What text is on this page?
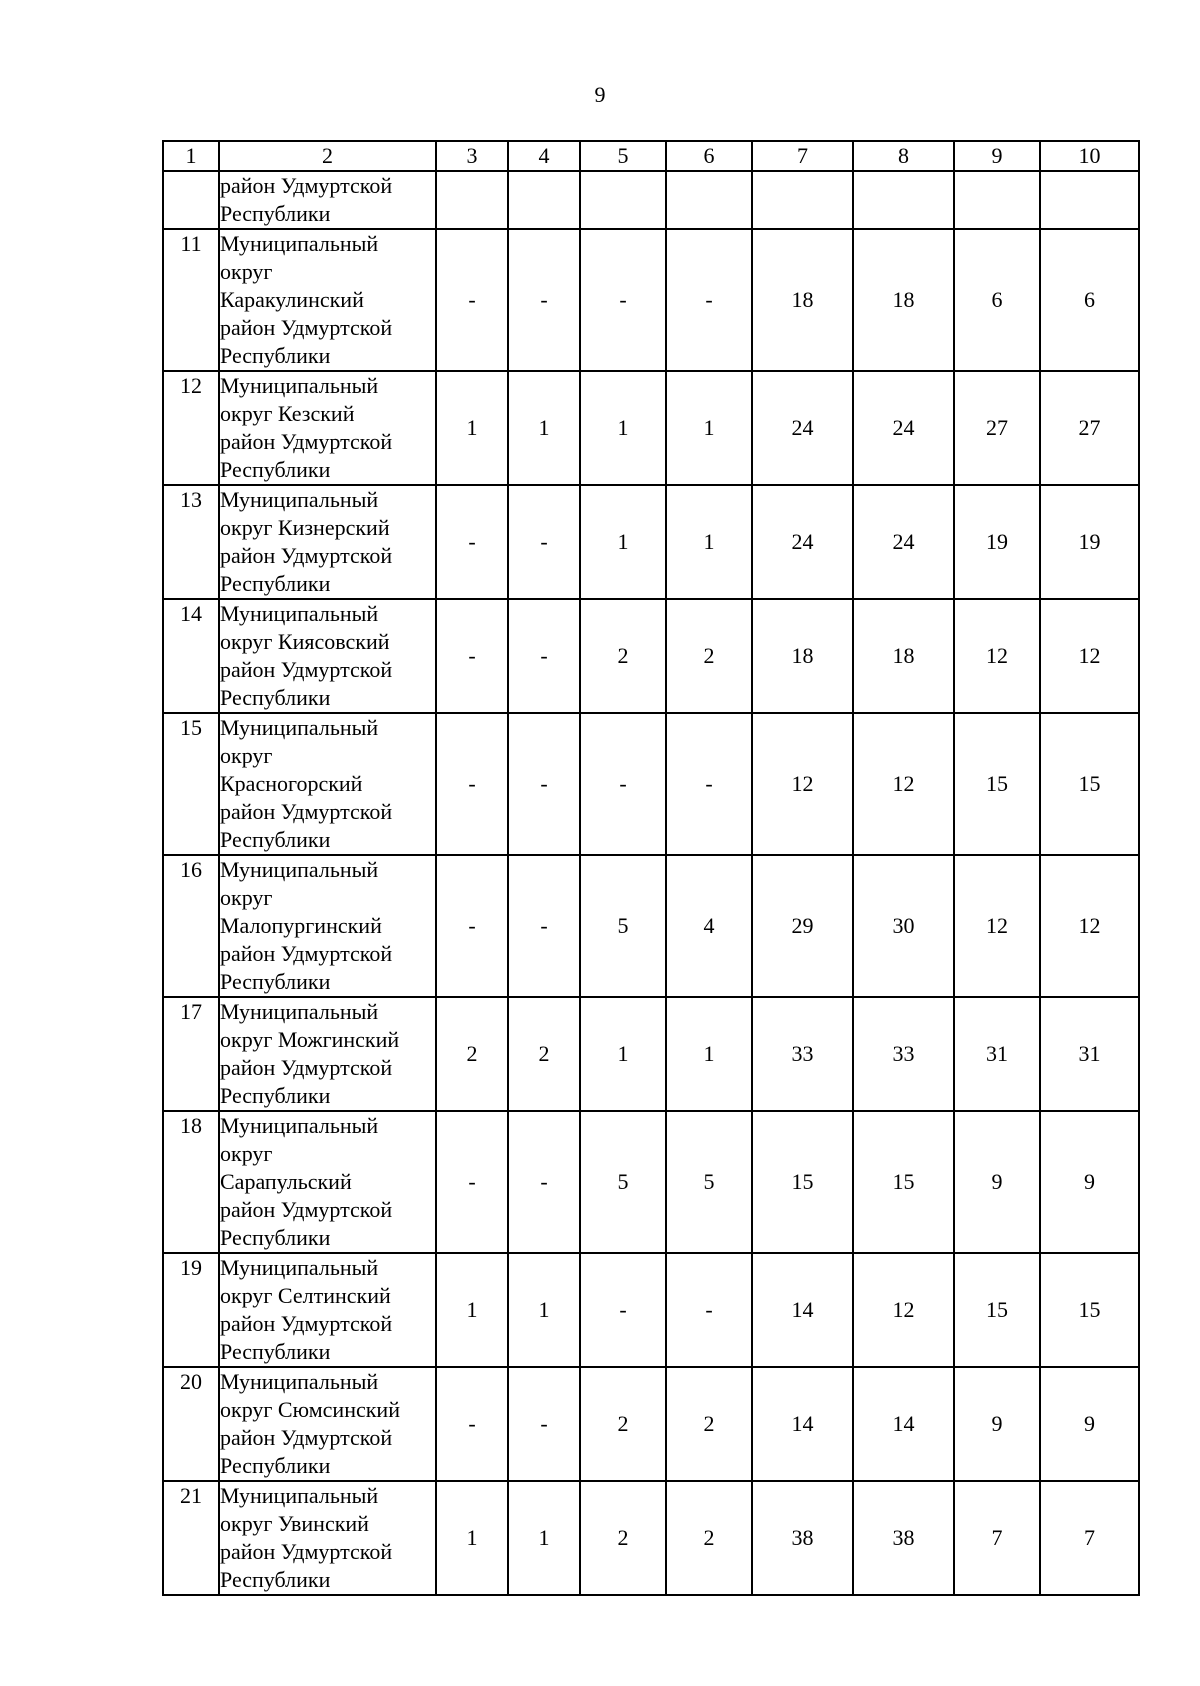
9
1	2	3	4	5	6	7	8	9	10
	район Удмуртской
Республики								
11	Муниципальный
округ
Каракулинский
район Удмуртской
Республики	-	-	-	-	18	18	6	6
12	Муниципальный
округ Кезский
район Удмуртской
Республики	1	1	1	1	24	24	27	27
13	Муниципальный
округ Кизнерский
район Удмуртской
Республики	-	-	1	1	24	24	19	19
14	Муниципальный
округ Киясовский
район Удмуртской
Республики	-	-	2	2	18	18	12	12
15	Муниципальный
округ
Красногорский
район Удмуртской
Республики	-	-	-	-	12	12	15	15
16	Муниципальный
округ
Малопургинский
район Удмуртской
Республики	-	-	5	4	29	30	12	12
17	Муниципальный
округ Можгинский
район Удмуртской
Республики	2	2	1	1	33	33	31	31
18	Муниципальный
округ
Сарапульский
район Удмуртской
Республики	-	-	5	5	15	15	9	9
19	Муниципальный
округ Селтинский
район Удмуртской
Республики	1	1	-	-	14	12	15	15
20	Муниципальный
округ Сюмсинский
район Удмуртской
Республики	-	-	2	2	14	14	9	9
21	Муниципальный
округ Увинский
район Удмуртской
Республики	1	1	2	2	38	38	7	7
